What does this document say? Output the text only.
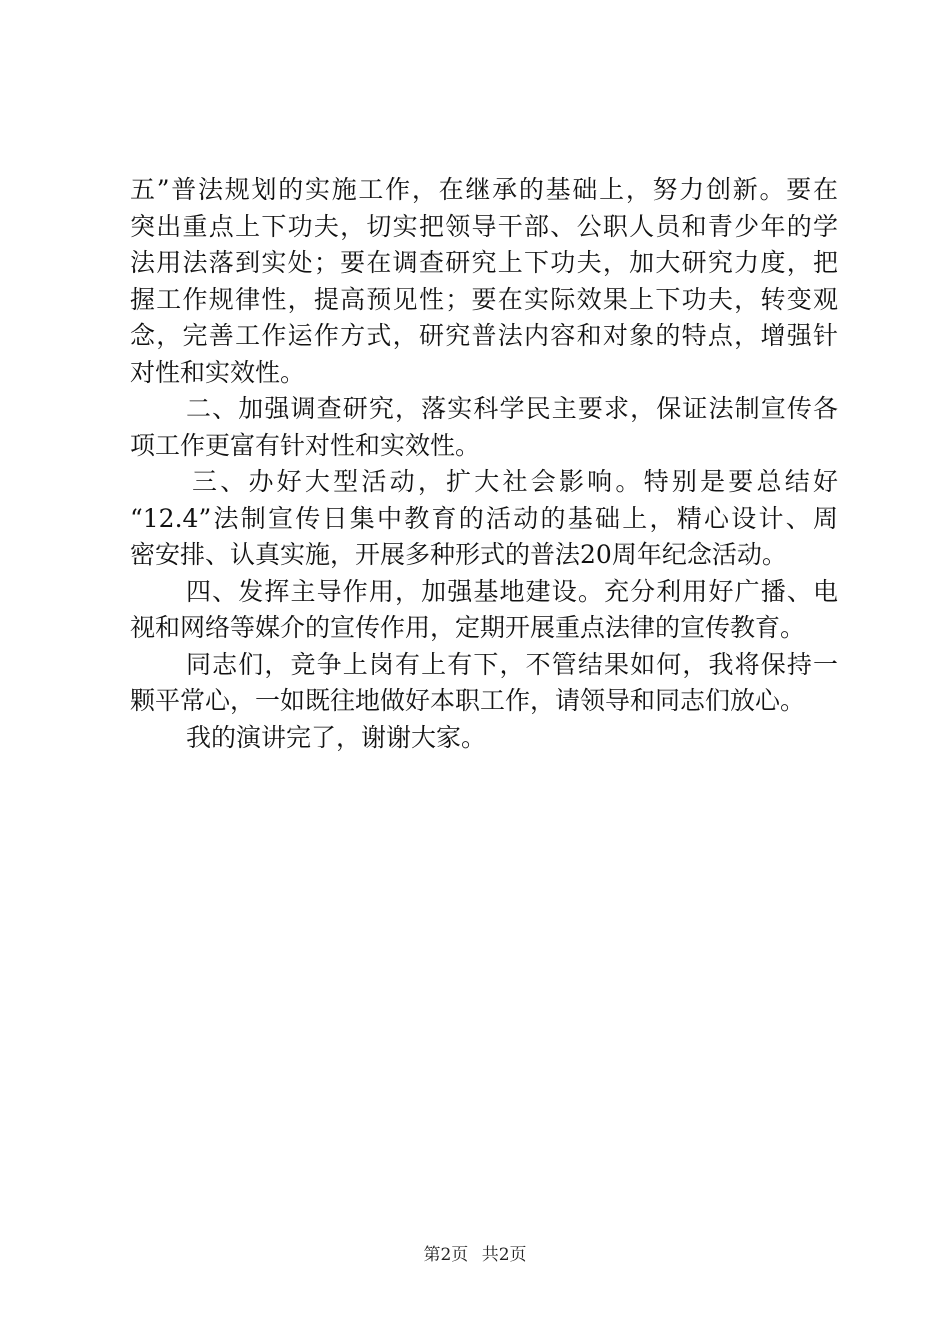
五”普法规划的实施工作，在继承的基础上，努力创新。要在
突出重点上下功夫，切实把领导干部、公职人员和青少年的学
法用法落到实处；要在调查研究上下功夫，加大研究力度，把
握工作规律性，提高预见性；要在实际效果上下功夫，转变观
念，完善工作运作方式，研究普法内容和对象的特点，增强针
对性和实效性。
二、加强调查研究，落实科学民主要求，保证法制宣传各
项工作更富有针对性和实效性。
三、办好大型活动，扩大社会影响。特别是要总结好
“12.4”法制宣传日集中教育的活动的基础上，精心设计、周
密安排、认真实施，开展多种形式的普法20周年纪念活动。
四、发挥主导作用，加强基地建设。充分利用好广播、电
视和网络等媒介的宣传作用，定期开展重点法律的宣传教育。
同志们，竞争上岗有上有下，不管结果如何，我将保持一
颗平常心，一如既往地做好本职工作，请领导和同志们放心。
我的演讲完了，谢谢大家。
第2页 共2页
